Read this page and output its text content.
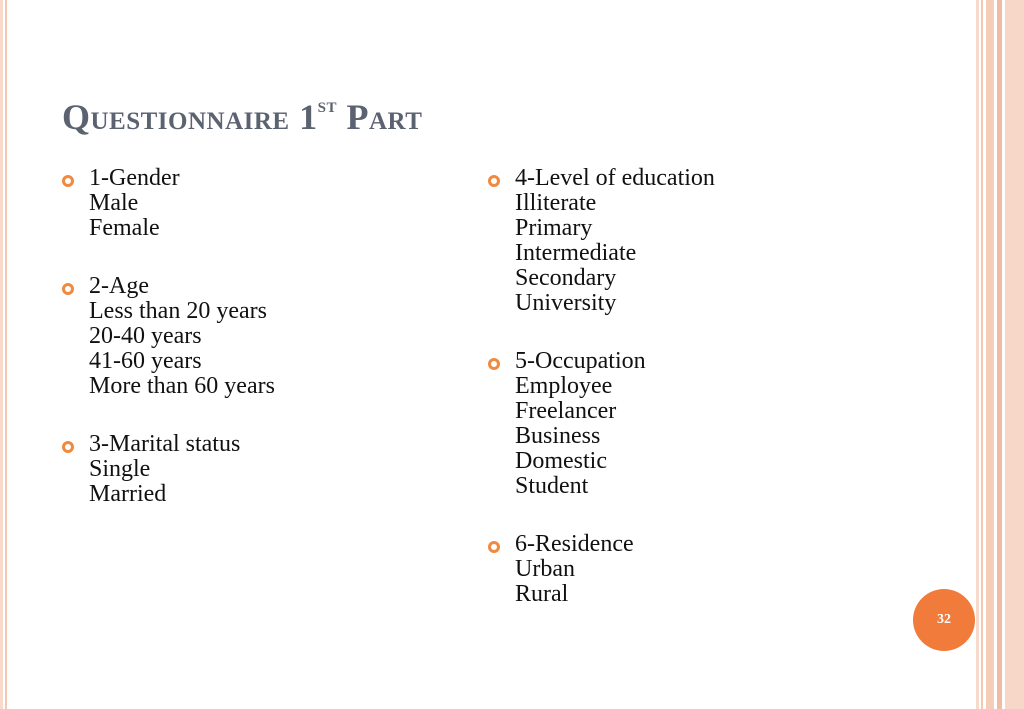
Questionnaire 1st Part
1-Gender
Male
Female
2-Age
Less than 20 years
20-40 years
41-60 years
More than 60 years
3-Marital status
Single
Married
4-Level of education
Illiterate
Primary
Intermediate
Secondary
University
5-Occupation
Employee
Freelancer
Business
Domestic
Student
6-Residence
Urban
Rural
32
